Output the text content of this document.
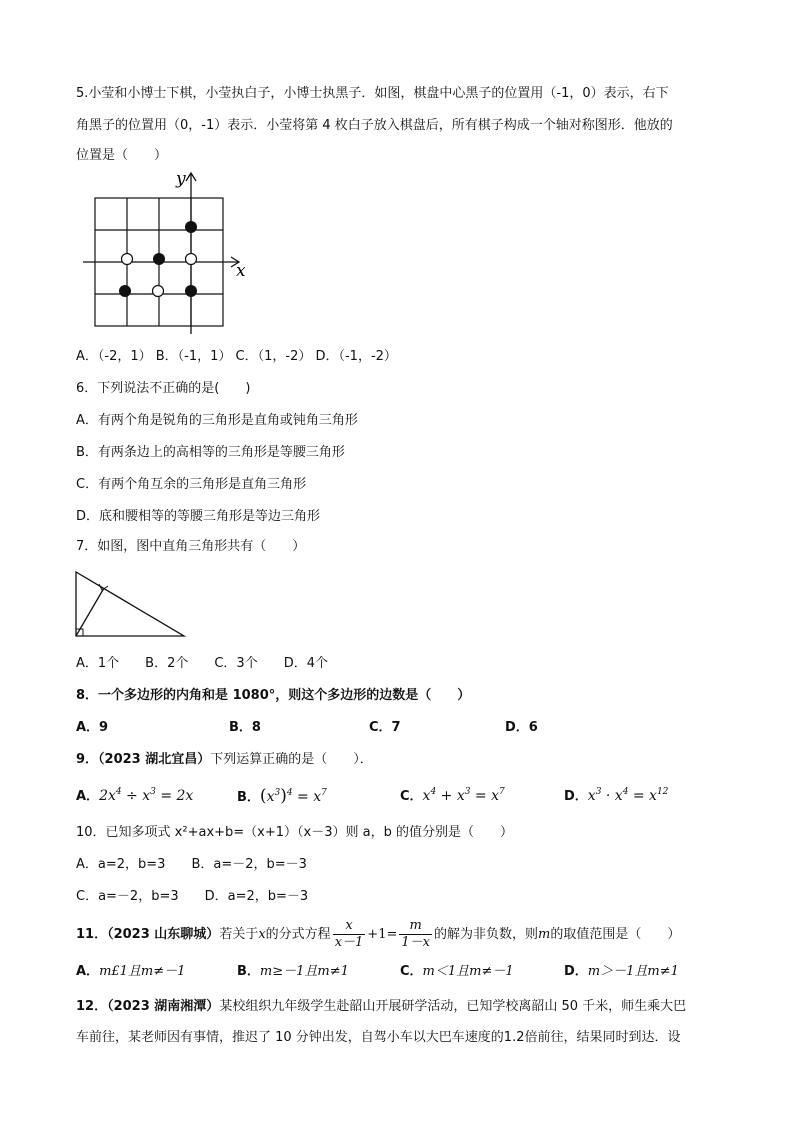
5.小莹和小博士下棋，小莹执白子，小博士执黑子．如图，棋盘中心黑子的位置用（-1，0）表示，右下
角黑子的位置用（0，-1）表示．小莹将第 4 枚白子放入棋盘后，所有棋子构成一个轴对称图形．他放的
位置是（　　）
y
x
A．（-2，1） B．（-1，1） C．（1，-2） D．（-1，-2）
6．下列说法不正确的是(　　)
A．有两个角是锐角的三角形是直角或钝角三角形
B．有两条边上的高相等的三角形是等腰三角形
C．有两个角互余的三角形是直角三角形
D．底和腰相等的等腰三角形是等边三角形
7．如图，图中直角三角形共有（　　）
A．1个　　B．2个　　C．3个　　D．4个
8．一个多边形的内角和是 1080°，则这个多边形的边数是（　　）
A．9	B．8	C．7	D．6
9．（2023 湖北宜昌）下列运算正确的是（　　）．
A．$2x^4 \div x^3 = 2x$	B．$(x^3)^4 = x^7$	C．$x^4 + x^3 = x^7$	D．$x^3 \cdot x^4 = x^{12}$
10．已知多项式 x²+ax+b=（x+1）（x－3）则 a，b 的值分别是（　　）
A．a=2，b=3　　B．a=－2，b=－3
C．a=－2，b=3　　D．a=2，b=－3
11．（2023 山东聊城）若关于x的分式方程 $\frac{x}{x-1} +1= \frac{m}{1-x}$ 的解为非负数，则m的取值范围是（　　）
A．m£1且m≠－1	B．m≥－1且m≠1	C．m＜1且m≠－1	D．m＞－1且m≠1
12．（2023 湖南湘潭）某校组织九年级学生赴韶山开展研学活动，已知学校离韶山 50 千米，师生乘大巴
车前往，某老师因有事情，推迟了 10 分钟出发，自驾小车以大巴车速度的1.2倍前往，结果同时到达．设
